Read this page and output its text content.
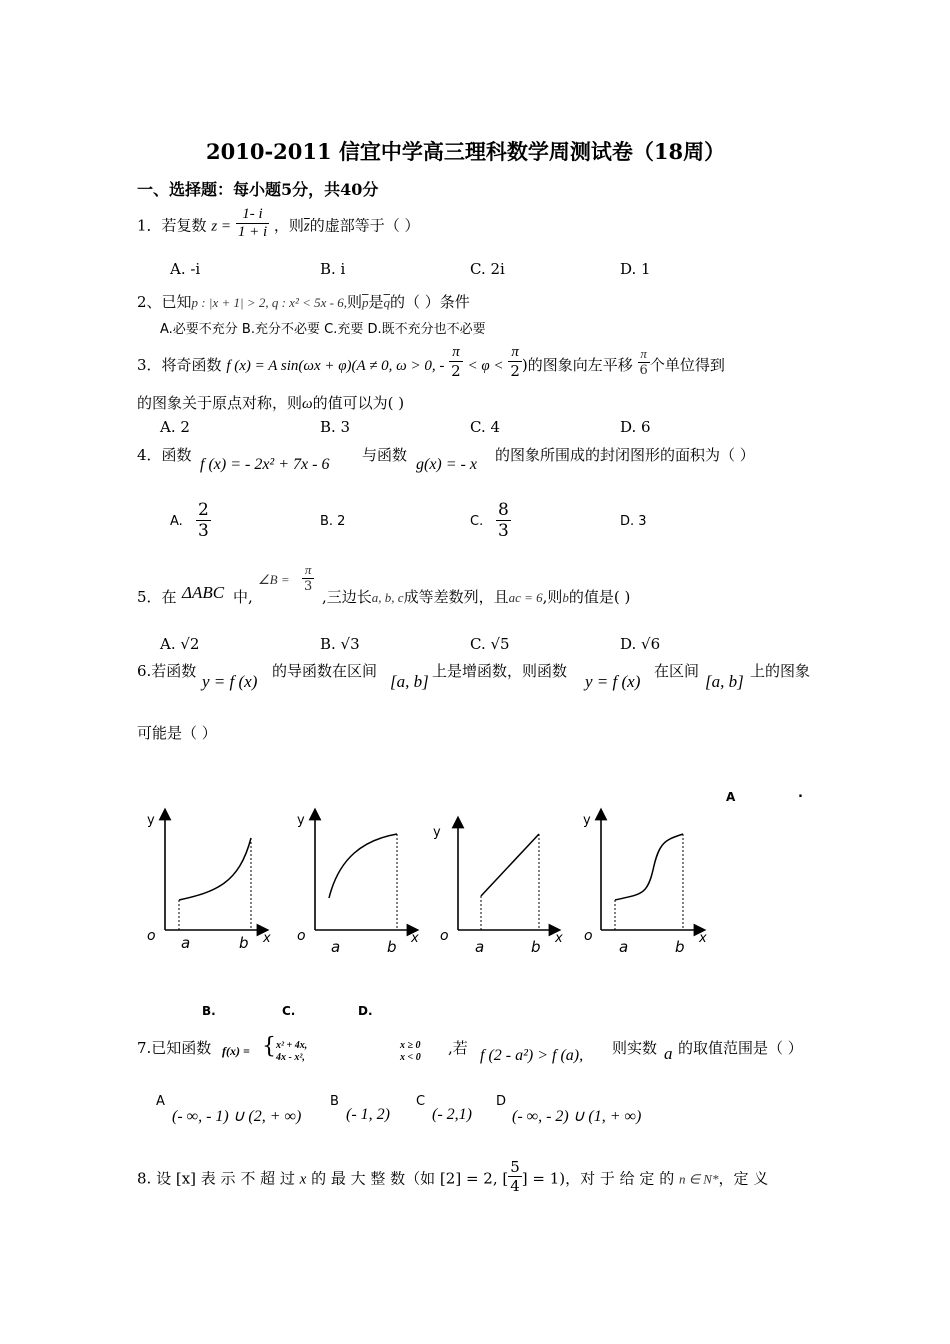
2010-2011 信宜中学高三理科数学周测试卷（18周）
一、选择题：每小题5分，共40分
1．若复数 $z = \frac{1- i}{1 + i}$ ，则$\overline{z}$的虚部等于（ ）
A. -i	B. i	C. 2i	D. 1
2、已知p : |x + 1| > 2, q : x² < 5x - 6,则$\overline{p}$是$\overline{q}$的（ ）条件
A.必要不充分 B.充分不必要 C.充要 D.既不充分也不必要
3．将奇函数 f (x) = A sin(ωx + φ)(A ≠ 0, ω > 0, - $\frac{\pi}{2} < \varphi < \frac{\pi}{2}$ )的图象向左平移 $\frac{\pi}{6}$ 个单位得到
的图象关于原点对称，则ω的值可以为( )
A. 2	B. 3	C. 4	D. 6
4．函数
f (x) = - 2x² + 7x - 6
与函数
g(x) = - x
的图象所围成的封闭图形的面积为（ ）
A. $\frac{2}{3}$	B. 2	C. $\frac{8}{3}$	D. 3
5．在 ΔABC 中,
∠B = $\frac{\pi}{3}$
,三边长a, b, c成等差数列，且ac = 6,则b的值是( )
A. √2	B. √3	C. √5	D. √6
6.若函数
y = f (x)
的导函数在区间
[a, b]
上是增函数，则函数
y = f (x)
在区间
[a, b]
上的图象
可能是（ ）
A	.
y
o a	b x
y
o
a	b x
y
o
a	b x
y
o
a	b x
B.	C.	D.
7.已知函数 f(x) = { x² + 4x,
4x - x²,
x ≥ 0
x < 0
,若 f (2 - a²) > f (a), 则实数 a 的取值范围是（ ）
A
(- ∞, - 1) ∪ (2, + ∞)
B
(- 1, 2)
C
(- 2,1)
D
(- ∞, - 2) ∪ (1, + ∞)
8. 设 [x] 表 示 不 超 过 x 的 最 大 整 数（如 [2] = 2, [ $\frac{5}{4}$ ] = 1)，对 于 给 定 的 n ∈ N*，定 义
